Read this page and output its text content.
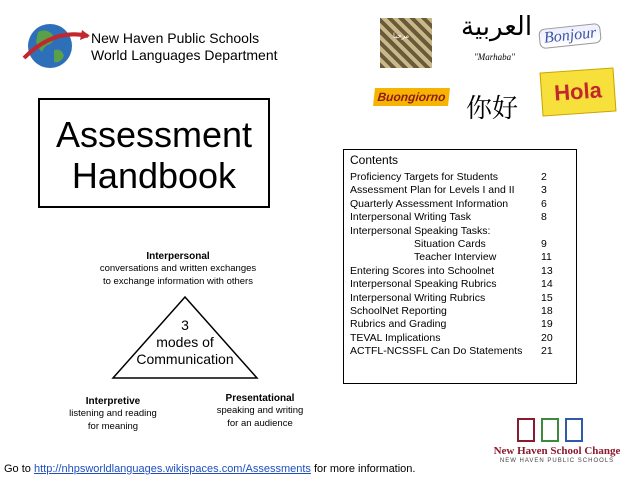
New Haven Public Schools
World Languages Department
Assessment
Handbook
Interpersonal
conversations and written exchanges
to exchange information with others
3
modes of
Communication
Interpretive
listening and reading
for meaning
Presentational
speaking and writing
for an audience
Contents
Proficiency Targets for Students	2
Assessment Plan for Levels I and II	3
Quarterly Assessment Information	6
Interpersonal Writing Task	8
Interpersonal Speaking Tasks:
Situation Cards	9
Teacher Interview	11
Entering Scores into Schoolnet	13
Interpersonal Speaking Rubrics	14
Interpersonal Writing Rubrics	15
SchoolNet Reporting	18
Rubrics and Grading	19
TEVAL Implications	20
ACTFL-NCSSFL Can Do Statements	21
مرحبا العربية
"Marhaba"
Bonjour
Buongiorno 你好
Hola
New Haven School Change
NEW HAVEN PUBLIC SCHOOLS
Go to http://nhpsworldlanguages.wikispaces.com/Assessments for more information.
